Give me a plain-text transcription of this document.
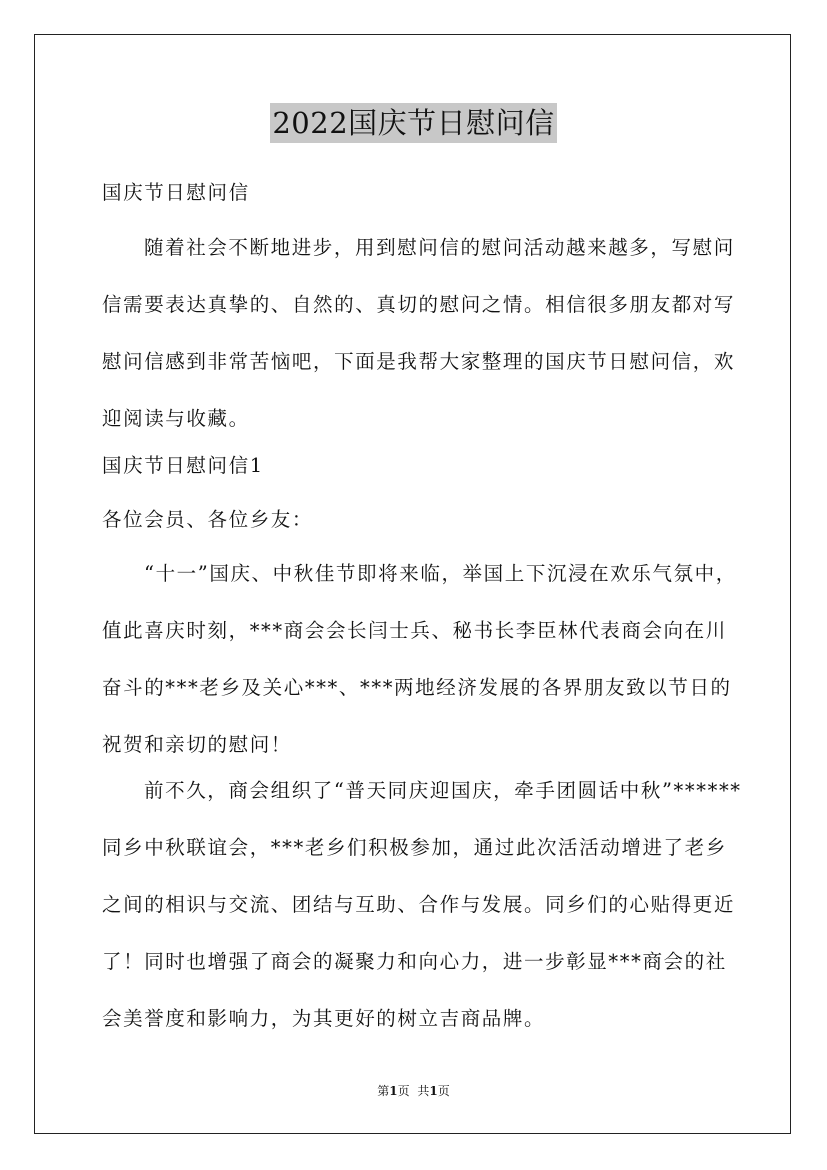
2022国庆节日慰问信

国庆节日慰问信

随着社会不断地进步，用到慰问信的慰问活动越来越多，写慰问信需要表达真挚的、自然的、真切的慰问之情。相信很多朋友都对写慰问信感到非常苦恼吧，下面是我帮大家整理的国庆节日慰问信，欢迎阅读与收藏。

国庆节日慰问信1

各位会员、各位乡友：

“十一”国庆、中秋佳节即将来临，举国上下沉浸在欢乐气氛中，值此喜庆时刻，***商会会长闫士兵、秘书长李臣林代表商会向在川奋斗的***老乡及关心***、***两地经济发展的各界朋友致以节日的祝贺和亲切的慰问！

前不久，商会组织了“普天同庆迎国庆，牵手团圆话中秋”******同乡中秋联谊会，***老乡们积极参加，通过此次活活动增进了老乡之间的相识与交流、团结与互助、合作与发展。同乡们的心贴得更近了！同时也增强了商会的凝聚力和向心力，进一步彰显***商会的社会美誉度和影响力，为其更好的树立吉商品牌。

第1页 共1页
